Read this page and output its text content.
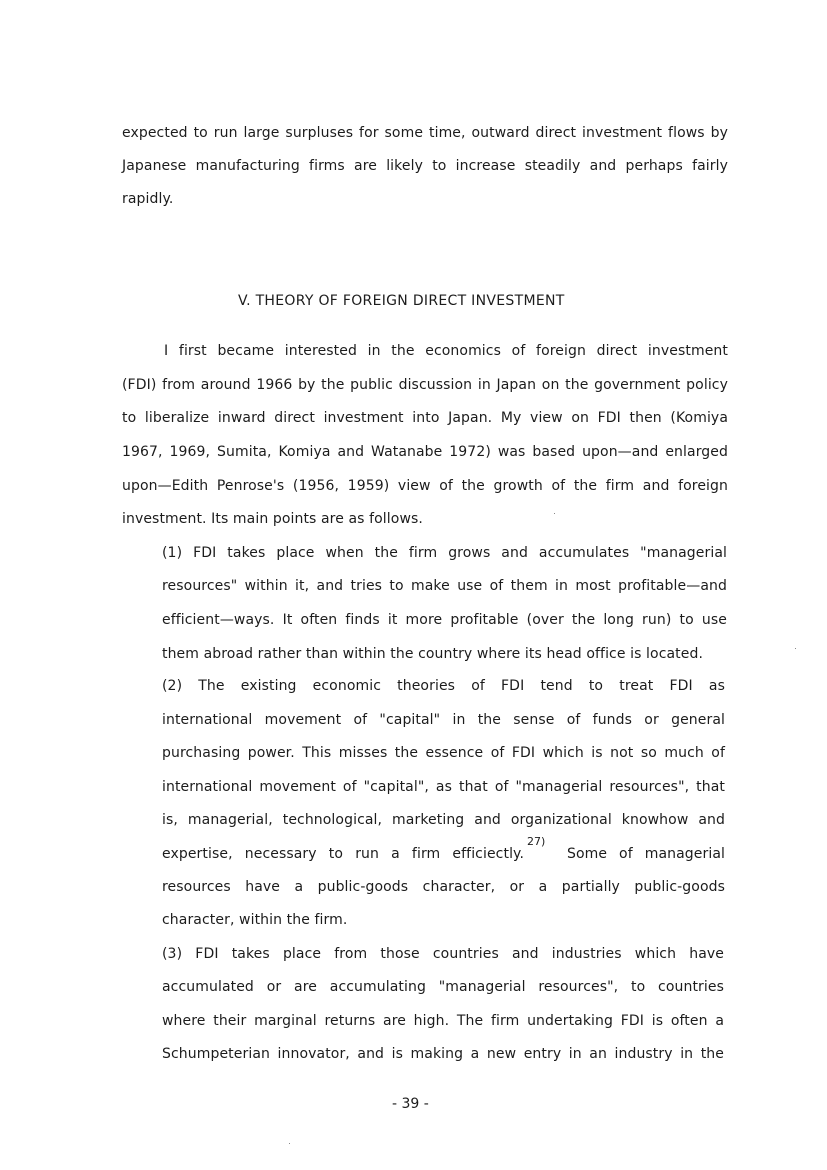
expected to run large surpluses for some time, outward direct investment flows by
Japanese manufacturing firms are likely to increase steadily and perhaps fairly
rapidly.
V. THEORY OF FOREIGN DIRECT INVESTMENT
I first became interested in the economics of foreign direct investment
(FDI) from around 1966 by the public discussion in Japan on the government policy
to liberalize inward direct investment into Japan. My view on FDI then (Komiya
1967, 1969, Sumita, Komiya and Watanabe 1972) was based upon—and enlarged
upon—Edith Penrose's (1956, 1959) view of the growth of the firm and foreign
investment. Its main points are as follows.
(1) FDI takes place when the firm grows and accumulates "managerial
resources" within it, and tries to make use of them in most profitable—and
efficient—ways. It often finds it more profitable (over the long run) to use
them abroad rather than within the country where its head office is located.
(2) The existing economic theories of FDI tend to treat FDI as
international movement of "capital" in the sense of funds or general
purchasing power. This misses the essence of FDI which is not so much of
international movement of "capital", as that of "managerial resources", that
is, managerial, technological, marketing and organizational knowhow and
expertise, necessary to run a firm efficiectly.
27)
Some of managerial
resources have a public-goods character, or a partially public-goods
character, within the firm.
(3) FDI takes place from those countries and industries which have
accumulated or are accumulating "managerial resources", to countries
where their marginal returns are high. The firm undertaking FDI is often a
Schumpeterian innovator, and is making a new entry in an industry in the
- 39 -
